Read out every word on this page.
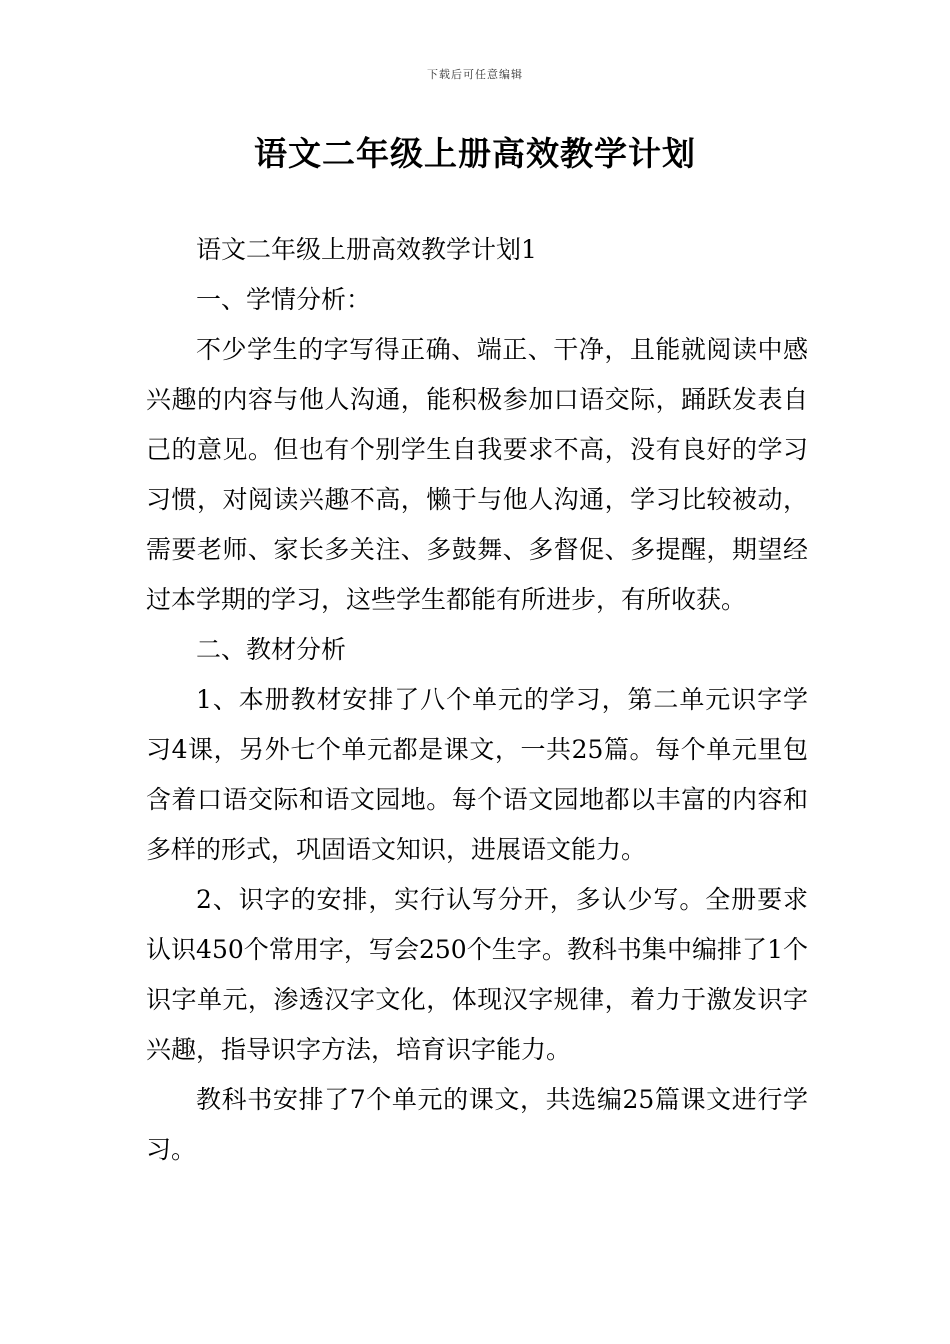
下载后可任意编辑
语文二年级上册高效教学计划

语文二年级上册高效教学计划1

一、学情分析：

不少学生的字写得正确、端正、干净，且能就阅读中感兴趣的内容与他人沟通，能积极参加口语交际，踊跃发表自己的意见。但也有个别学生自我要求不高，没有良好的学习习惯，对阅读兴趣不高，懒于与他人沟通，学习比较被动，需要老师、家长多关注、多鼓舞、多督促、多提醒，期望经过本学期的学习，这些学生都能有所进步，有所收获。

二、教材分析

1、本册教材安排了八个单元的学习，第二单元识字学习4课，另外七个单元都是课文，一共25篇。每个单元里包含着口语交际和语文园地。每个语文园地都以丰富的内容和多样的形式，巩固语文知识，进展语文能力。

2、识字的安排，实行认写分开，多认少写。全册要求认识450个常用字，写会250个生字。教科书集中编排了1个识字单元，渗透汉字文化，体现汉字规律，着力于激发识字兴趣，指导识字方法，培育识字能力。

教科书安排了7个单元的课文，共选编25篇课文进行学习。
